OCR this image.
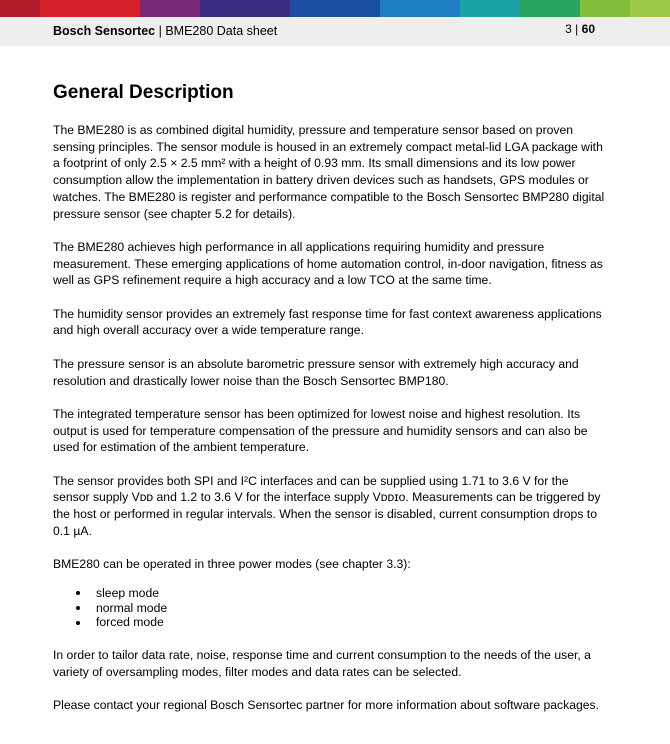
Bosch Sensortec | BME280 Data sheet	3 | 60
General Description

The BME280 is as combined digital humidity, pressure and temperature sensor based on proven
sensing principles. The sensor module is housed in an extremely compact metal-lid LGA package with
a footprint of only 2.5 × 2.5 mm² with a height of 0.93 mm. Its small dimensions and its low power
consumption allow the implementation in battery driven devices such as handsets, GPS modules or
watches. The BME280 is register and performance compatible to the Bosch Sensortec BMP280 digital
pressure sensor (see chapter 5.2 for details).

The BME280 achieves high performance in all applications requiring humidity and pressure
measurement. These emerging applications of home automation control, in-door navigation, fitness as
well as GPS refinement require a high accuracy and a low TCO at the same time.

The humidity sensor provides an extremely fast response time for fast context awareness applications
and high overall accuracy over a wide temperature range.

The pressure sensor is an absolute barometric pressure sensor with extremely high accuracy and
resolution and drastically lower noise than the Bosch Sensortec BMP180.

The integrated temperature sensor has been optimized for lowest noise and highest resolution. Its
output is used for temperature compensation of the pressure and humidity sensors and can also be
used for estimation of the ambient temperature.

The sensor provides both SPI and I²C interfaces and can be supplied using 1.71 to 3.6 V for the
sensor supply Vᴅᴅ and 1.2 to 3.6 V for the interface supply Vᴅᴅɪᴏ. Measurements can be triggered by
the host or performed in regular intervals. When the sensor is disabled, current consumption drops to
0.1 µA.

BME280 can be operated in three power modes (see chapter 3.3):

sleep mode
normal mode
forced mode

In order to tailor data rate, noise, response time and current consumption to the needs of the user, a
variety of oversampling modes, filter modes and data rates can be selected.

Please contact your regional Bosch Sensortec partner for more information about software packages.
